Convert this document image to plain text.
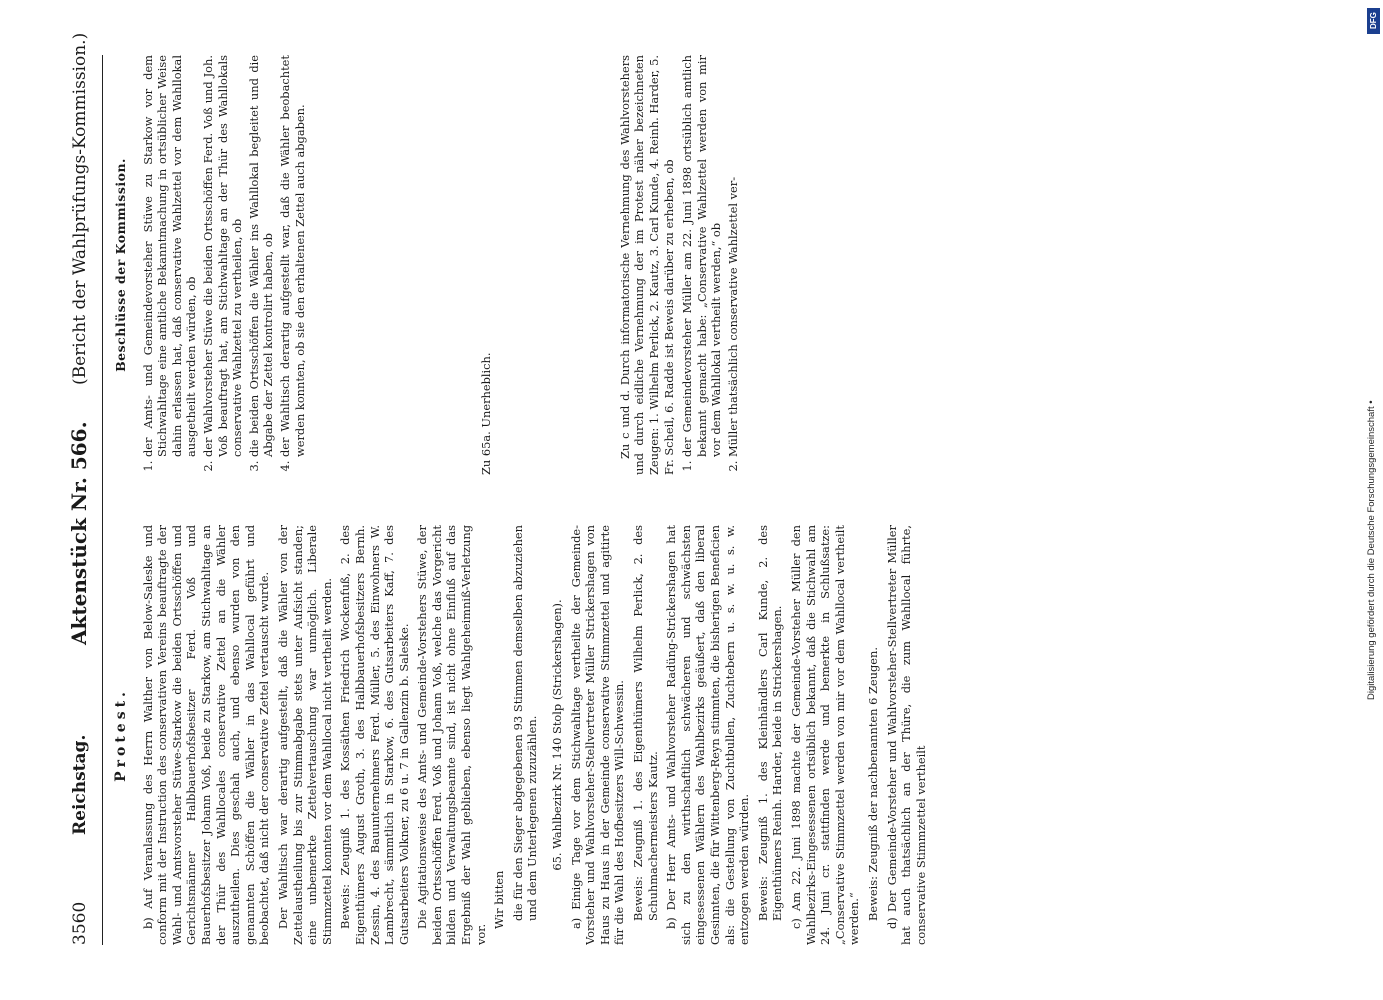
3560
Reichstag.
Aktenstück Nr. 566.
(Bericht der Wahlprüfungs-Kommission.)
Protest. b) Auf Veranlassung des Herrn Walther von Below-Saleske und conform mit der Instruction des conservativen Vereins beauftragte der Wahl- und Amtsvorsteher Stüwe-Starkow die beiden Ortsschöffen und Gerichtsmänner Halbbauerhofsbesitzer Ferd. Voß und Bauerhofsbesitzer Johann Voß, beide zu Starkow, am Stichwahltage an der Thür des Wahllocales conservative Zettel an die Wähler auszutheilen. Dies geschah auch, und ebenso wurden von den genannten Schöffen die Wähler in das Wahllocal geführt und beobachtet, daß nicht der conservative Zettel vertauscht wurde. Der Wahltisch war derartig aufgestellt, daß die Wähler von der Zettelaustheilung bis zur Stimmabgabe stets unter Aufsicht standen; eine unbemerkte Zettelvertauschung war unmöglich. Liberale Stimmzettel konnten vor dem Wahllocal nicht vertheilt werden. Beweis: Zeugniß 1. des Kossäthen Friedrich Wockenfuß, 2. des Eigenthümers August Groth, 3. des Halbbauerhofsbesitzers Bernh. Zessin, 4. des Bauunternehmers Ferd. Müller, 5. des Einwohners W. Lambrecht, sämmtlich in Starkow, 6. des Gutsarbeiters Kaff, 7. des Gutsarbeiters Volkner, zu 6 u. 7 in Gallenzin b. Saleske. Die Agitationsweise des Amts- und Gemeinde-Vorstehers Stüwe, der beiden Ortsschöffen Ferd. Voß und Johann Voß, welche das Vorgericht bilden und Verwaltungsbeamte sind, ist nicht ohne Einfluß auf das Ergebniß der Wahl geblieben, ebenso liegt Wahlgeheimniß-Verletzung vor.

Wir bitten die für den Sieger abgegebenen 93 Stimmen demselben abzuziehen und dem Unterlegenen zuzuzählen. 65. Wahlbezirk Nr. 140 Stolp (Strickershagen). a) Einige Tage vor dem Stichwahltage vertheilte der Gemeinde-Vorsteher und Wahlvorsteher-Stellvertreter Müller Strickershagen von Haus zu Haus in der Gemeinde conservative Stimmzettel und agitirte für die Wahl des Hofbesitzers Will-Schwessin. Beweis: Zeugniß 1. des Eigenthümers Wilhelm Perlick, 2. des Schuhmachermeisters Kautz. b) Der Herr Amts- und Wahlvorsteher Radüng-Strickershagen hat sich zu den wirthschaftlich schwächeren und schwächsten eingesessenen Wählern des Wahlbezirks geäußert, daß den liberal Gesinnten, die für Wittenberg-Reyn stimmten, die bisherigen Beneficien als: die Gestellung von Zuchtbullen, Zuchtebern u. s. w. u. s. w. entzogen werden würden. Beweis: Zeugniß 1. des Kleinhändlers Carl Kunde, 2. des Eigenthümers Reinh. Harder, beide in Strickershagen. c) Am 22. Juni 1898 machte der Gemeinde-Vorsteher Müller den Wahlbezirks-Eingesessenen ortsüblich bekannt, daß die Stichwahl am 24. Juni cr. stattfinden werde und bemerkte in Schlußsatze: „Conservative Stimmzettel werden von mir vor dem Wahllocal vertheilt werden.“ Beweis: Zeugniß der nachbenannten 6 Zeugen. d) Der Gemeinde-Vorsteher und Wahlvorsteher-Stellvertreter Müller hat auch thatsächlich an der Thüre, die zum Wahllocal führte, conservative Stimmzettel vertheilt

Beschlüsse der Kommission. 1. der Amts- und Gemeindevorsteher Stüwe zu Starkow vor dem Stichwahltage eine amtliche Bekanntmachung in ortsüblicher Weise dahin erlassen hat, daß conservative Wahlzettel vor dem Wahllokal ausgetheilt werden würden, ob 2. der Wahlvorsteher Stüwe die beiden Ortsschöffen Ferd. Voß und Joh. Voß beauftragt hat, am Stichwahltage an der Thür des Wahllokals conservative Wahlzettel zu vertheilen, ob 3. die beiden Ortsschöffen die Wähler ins Wahllokal begleitet und die Abgabe der Zettel kontrolirt haben, ob 4. der Wahltisch derartig aufgestellt war, daß die Wähler beobachtet werden konnten, ob sie den erhaltenen Zettel auch abgaben.	Zu 65a. Unerheblich.	Zu c und d. Durch informatorische Vernehmung des Wahlvorstehers und durch eidliche Vernehmung der im Protest näher bezeichneten Zeugen: 1. Wilhelm Perlick, 2. Kautz, 3. Carl Kunde, 4. Reinh. Harder, 5. Fr. Scheil, 6. Radde ist Beweis darüber zu erheben, ob 1. der Gemeindevorsteher Müller am 22. Juni 1898 ortsüblich amtlich bekannt gemacht habe: „Conservative Wahlzettel werden von mir vor dem Wahllokal vertheilt werden,“ ob 2. Müller thatsächlich conservative Wahlzettel ver-
Digitalisierung gefördert durch die Deutsche Forschungsgemeinschaft •
DFG
